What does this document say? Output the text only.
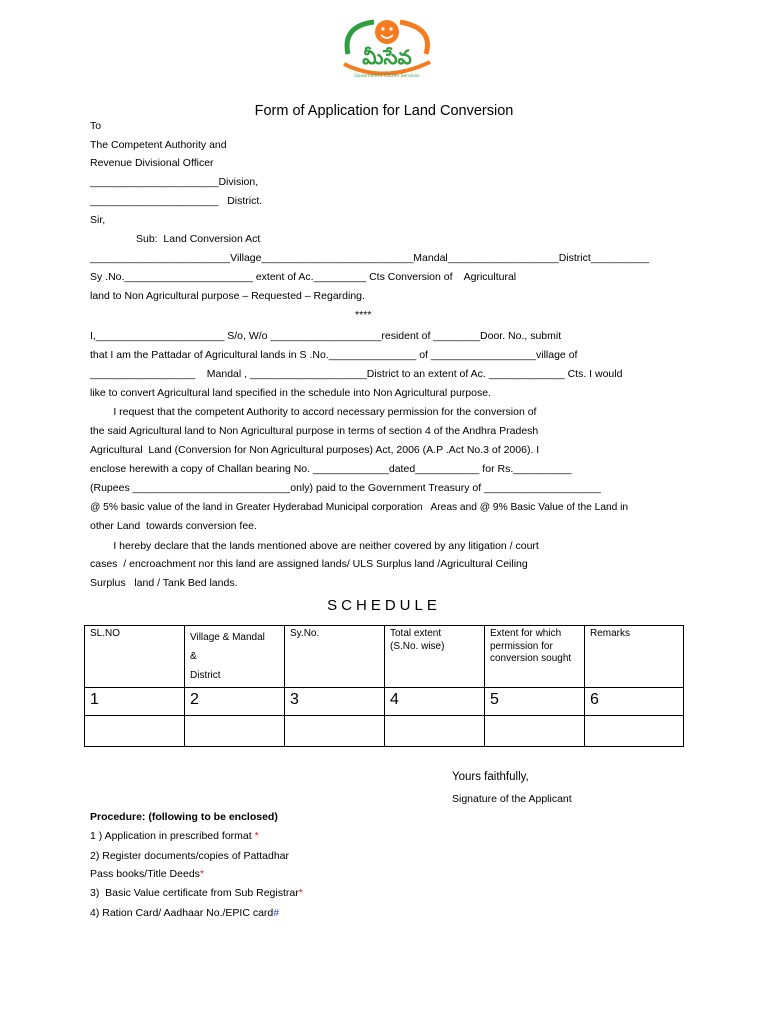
మీసేవ
Government Citizen Services
Form of Application for Land Conversion
To
The Competent Authority and
Revenue Divisional Officer
______________________Division,
______________________   District.
Sir,
Sub:  Land Conversion Act
________________________Village__________________________Mandal___________________District__________
Sy .No.______________________ extent of Ac._________ Cts Conversion of    Agricultural
land to Non Agricultural purpose – Requested – Regarding.
****
I,______________________ S/o, W/o ___________________resident of ________Door. No., submit
that I am the Pattadar of Agricultural lands in S .No._______________ of __________________village of
__________________    Mandal , ____________________District to an extent of Ac. _____________ Cts. I would
like to convert Agricultural land specified in the schedule into Non Agricultural purpose.
I request that the competent Authority to accord necessary permission for the conversion of
the said Agricultural land to Non Agricultural purpose in terms of section 4 of the Andhra Pradesh
Agricultural  Land (Conversion for Non Agricultural purposes) Act, 2006 (A.P .Act No.3 of 2006). I
enclose herewith a copy of Challan bearing No. _____________dated___________ for Rs.__________
(Rupees ___________________________only) paid to the Government Treasury of ____________________
@ 5% basic value of the land in Greater Hyderabad Municipal corporation   Areas and @ 9% Basic Value of the Land in
other Land  towards conversion fee.
I hereby declare that the lands mentioned above are neither covered by any litigation / court
cases  / encroachment nor this land are assigned lands/ ULS Surplus land /Agricultural Ceiling
Surplus   land / Tank Bed lands.
SCHEDULE
SL.NO	Village & Mandal
&
District	Sy.No.	Total extent
(S.No. wise)	Extent for which
permission for
conversion sought	Remarks
1	2	3	4	5	6

Yours faithfully,
Signature of the Applicant
Procedure: (following to be enclosed)
1 ) Application in prescribed format *
2) Register documents/copies of Pattadhar
Pass books/Title Deeds*
3)  Basic Value certificate from Sub Registrar*
4) Ration Card/ Aadhaar No./EPIC card#
